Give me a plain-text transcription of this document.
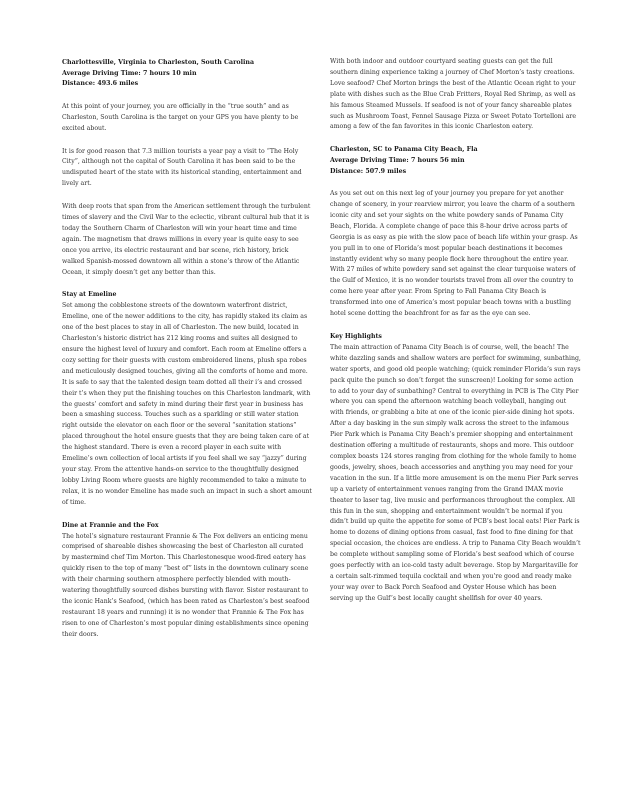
Charlottesville, Virginia to Charleston, South Carolina
Average Driving Time: 7 hours 10 min
Distance: 493.6 miles

At this point of your journey, you are officially in the “true south” and as Charleston, South Carolina is the target on your GPS you have plenty to be excited about.

It is for good reason that 7.3 million tourists a year pay a visit to “The Holy City”, although not the capital of South Carolina it has been said to be the undisputed heart of the state with its historical standing, entertainment and lively art.

With deep roots that span from the American settlement through the turbulent times of slavery and the Civil War to the eclectic, vibrant cultural hub that it is today the Southern Charm of Charleston will win your heart time and time again. The magnetism that draws millions in every year is quite easy to see once you arrive, its electric restaurant and bar scene, rich history, brick walked Spanish-mossed downtown all within a stone’s throw of the Atlantic Ocean, it simply doesn’t get any better than this.

Stay at Emeline
Set among the cobblestone streets of the downtown waterfront district, Emeline, one of the newer additions to the city, has rapidly staked its claim as one of the best places to stay in all of Charleston. The new build, located in Charleston’s historic district has 212 king rooms and suites all designed to ensure the highest level of luxury and comfort. Each room at Emeline offers a cozy setting for their guests with custom embroidered linens, plush spa robes and meticulously designed touches, giving all the comforts of home and more. It is safe to say that the talented design team dotted all their i’s and crossed their t’s when they put the finishing touches on this Charleston landmark, with the guests’ comfort and safety in mind during their first year in business has been a smashing success. Touches such as a sparkling or still water station right outside the elevator on each floor or the several “sanitation stations” placed throughout the hotel ensure guests that they are being taken care of at the highest standard. There is even a record player in each suite with Emeline’s own collection of local artists if you feel shall we say “jazzy” during your stay. From the attentive hands-on service to the thoughtfully designed lobby Living Room where guests are highly recommended to take a minute to relax, it is no wonder Emeline has made such an impact in such a short amount of time.

Dine at Frannie and the Fox
The hotel’s signature restaurant Frannie & The Fox delivers an enticing menu comprised of shareable dishes showcasing the best of Charleston all curated by mastermind chef Tim Morton. This Charlestonesque wood-fired eatery has quickly risen to the top of many “best of” lists in the downtown culinary scene with their charming southern atmosphere perfectly blended with mouth-watering thoughtfully sourced dishes bursting with flavor. Sister restaurant to the iconic Hank’s Seafood, (which has been rated as Charleston’s best seafood restaurant 18 years and running) it is no wonder that Frannie & The Fox has risen to one of Charleston’s most popular dining establishments since opening their doors.

With both indoor and outdoor courtyard seating guests can get the full southern dining experience taking a journey of Chef Morton’s tasty creations. Love seafood? Chef Morton brings the best of the Atlantic Ocean right to your plate with dishes such as the Blue Crab Fritters, Royal Red Shrimp, as well as his famous Steamed Mussels. If seafood is not of your fancy shareable plates such as Mushroom Toast, Fennel Sausage Pizza or Sweet Potato Tortelloni are among a few of the fan favorites in this iconic Charleston eatery.

Charleston, SC to Panama City Beach, Fla
Average Driving Time: 7 hours 56 min
Distance: 507.9 miles

As you set out on this next leg of your journey you prepare for yet another change of scenery, in your rearview mirror, you leave the charm of a southern iconic city and set your sights on the white powdery sands of Panama City Beach, Florida. A complete change of pace this 8-hour drive across parts of Georgia is as easy as pie with the slow pace of beach life within your grasp. As you pull in to one of Florida’s most popular beach destinations it becomes instantly evident why so many people flock here throughout the entire year. With 27 miles of white powdery sand set against the clear turquoise waters of the Gulf of Mexico, it is no wonder tourists travel from all over the country to come here year after year. From Spring to Fall Panama City Beach is transformed into one of America’s most popular beach towns with a bustling hotel scene dotting the beachfront for as far as the eye can see.

Key Highlights
The main attraction of Panama City Beach is of course, well, the beach! The white dazzling sands and shallow waters are perfect for swimming, sunbathing, water sports, and good old people watching; (quick reminder Florida’s sun rays pack quite the punch so don’t forget the sunscreen)! Looking for some action to add to your day of sunbathing? Central to everything in PCB is The City Pier where you can spend the afternoon watching beach volleyball, hanging out with friends, or grabbing a bite at one of the iconic pier-side dining hot spots. After a day basking in the sun simply walk across the street to the infamous Pier Park which is Panama City Beach’s premier shopping and entertainment destination offering a multitude of restaurants, shops and more. This outdoor complex boasts 124 stores ranging from clothing for the whole family to home goods, jewelry, shoes, beach accessories and anything you may need for your vacation in the sun. If a little more amusement is on the menu Pier Park serves up a variety of entertainment venues ranging from the Grand IMAX movie theater to laser tag, live music and performances throughout the complex. All this fun in the sun, shopping and entertainment wouldn’t be normal if you didn’t build up quite the appetite for some of PCB’s best local eats! Pier Park is home to dozens of dining options from casual, fast food to fine dining for that special occasion, the choices are endless. A trip to Panama City Beach wouldn’t be complete without sampling some of Florida’s best seafood which of course goes perfectly with an ice-cold tasty adult beverage. Stop by Margaritaville for a certain salt-rimmed tequila cocktail and when you’re good and ready make your way over to Back Porch Seafood and Oyster House which has been serving up the Gulf’s best locally caught shellfish for over 40 years.
